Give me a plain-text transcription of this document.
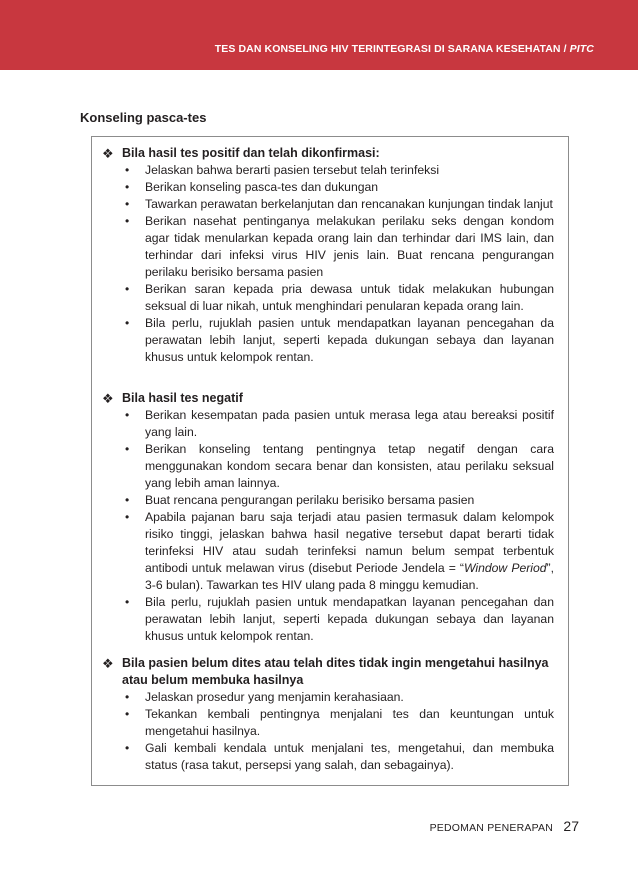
TES DAN KONSELING HIV TERINTEGRASI DI SARANA KESEHATAN / PITC
Konseling pasca-tes
❖ Bila hasil tes positif dan telah dikonfirmasi:
• Jelaskan bahwa berarti pasien tersebut telah terinfeksi
• Berikan konseling pasca-tes dan dukungan
• Tawarkan perawatan berkelanjutan dan rencanakan kunjungan tindak lanjut
• Berikan nasehat pentinganya melakukan perilaku seks dengan kondom agar tidak menularkan kepada orang lain dan terhindar dari IMS lain, dan terhindar dari infeksi virus HIV jenis lain. Buat rencana pengurangan perilaku berisiko bersama pasien
• Berikan saran kepada pria dewasa untuk tidak melakukan hubungan seksual di luar nikah, untuk menghindari penularan kepada orang lain.
• Bila perlu, rujuklah pasien untuk mendapatkan layanan pencegahan da perawatan lebih lanjut, seperti kepada dukungan sebaya dan layanan khusus untuk kelompok rentan.
❖ Bila hasil tes negatif
• Berikan kesempatan pada pasien untuk merasa lega atau bereaksi positif yang lain.
• Berikan konseling tentang pentingnya tetap negatif dengan cara menggunakan kondom secara benar dan konsisten, atau perilaku seksual yang lebih aman lainnya.
• Buat rencana pengurangan perilaku berisiko bersama pasien
• Apabila pajanan baru saja terjadi atau pasien termasuk dalam kelompok risiko tinggi, jelaskan bahwa hasil negative tersebut dapat berarti tidak terinfeksi HIV atau sudah terinfeksi namun belum sempat terbentuk antibodi untuk melawan virus (disebut Periode Jendela = “Window Period”, 3-6 bulan). Tawarkan tes HIV ulang pada 8 minggu kemudian.
• Bila perlu, rujuklah pasien untuk mendapatkan layanan pencegahan dan perawatan lebih lanjut, seperti kepada dukungan sebaya dan layanan khusus untuk kelompok rentan.
❖ Bila pasien belum dites atau telah dites tidak ingin mengetahui hasilnya atau belum membuka hasilnya
• Jelaskan prosedur yang menjamin kerahasiaan.
• Tekankan kembali pentingnya menjalani tes dan keuntungan untuk mengetahui hasilnya.
• Gali kembali kendala untuk menjalani tes, mengetahui, dan membuka status (rasa takut, persepsi yang salah, dan sebagainya).
PEDOMAN PENERAPAN 27
